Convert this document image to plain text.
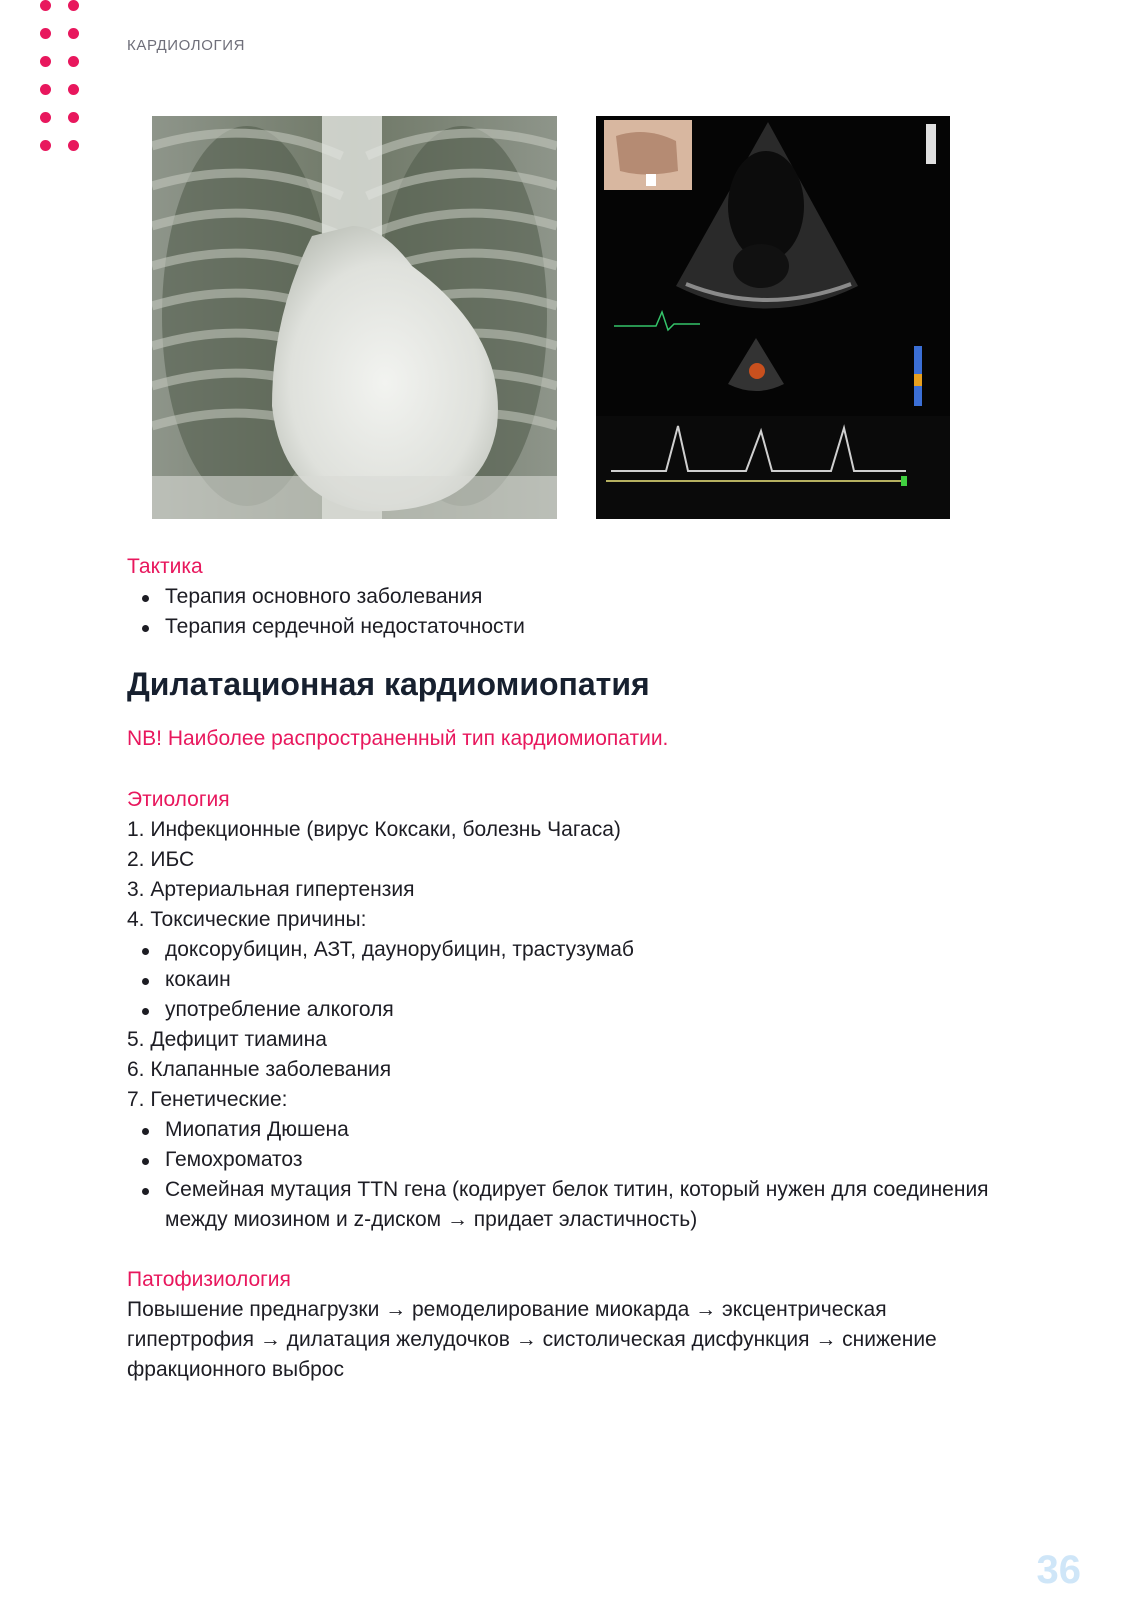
КАРДИОЛОГИЯ
Тактика
Терапия основного заболевания
Терапия сердечной недостаточности
Дилатационная кардиомиопатия
NB! Наиболее распространенный тип кардиомиопатии.
Этиология

1. Инфекционные (вирус Коксаки, болезнь Чагаса)

2. ИБС

3. Артериальная гипертензия

4. Токсические причины:

доксорубицин, АЗТ, даунорубицин, трастузумаб
кокаин
употребление алкоголя

5. Дефицит тиамина

6. Клапанные заболевания

7. Генетические:

Миопатия Дюшена
Гемохроматоз
Семейная мутация TTN гена (кодирует белок титин, который нужен для соединения между миозином и z-диском → придает эластичность)
Патофизиология

Повышение преднагрузки → ремоделирование миокарда → эксцентрическая гипертрофия → дилатация желудочков → систолическая дисфункция → снижение фракционного выброс

36
